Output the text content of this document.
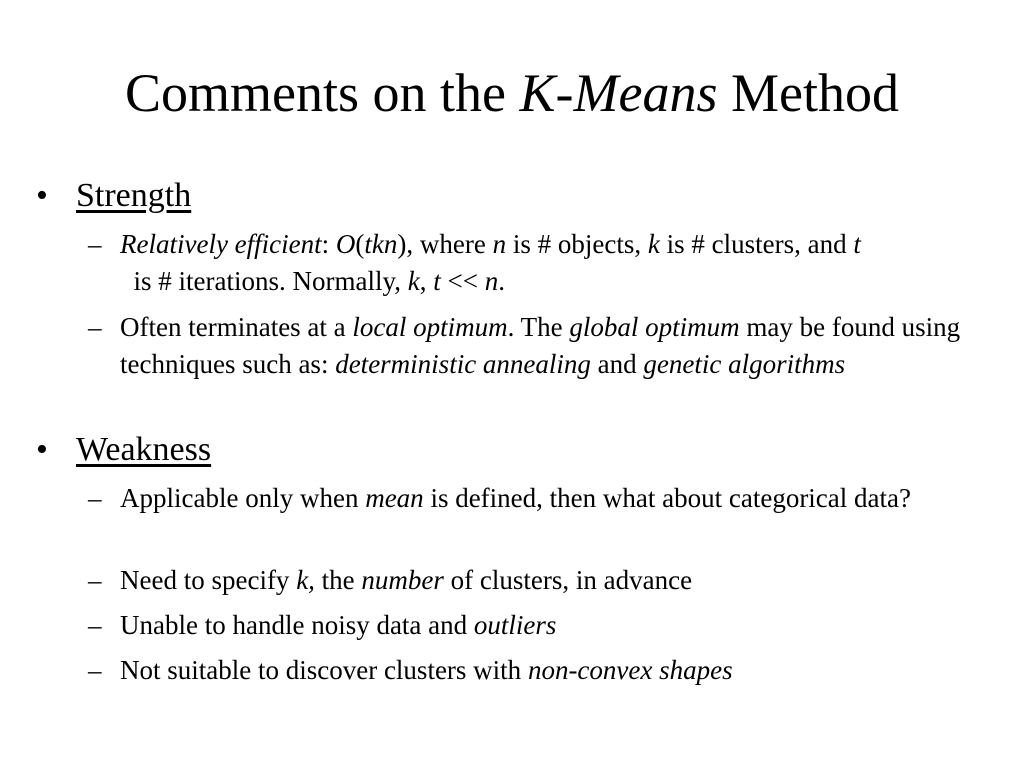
Comments on the K-Means Method
• Strength
– Relatively efficient: O(tkn), where n is # objects, k is # clusters, and t  is # iterations. Normally, k, t << n.
– Often terminates at a local optimum. The global optimum may be found using techniques such as: deterministic annealing and genetic algorithms
• Weakness
– Applicable only when mean is defined, then what about categorical data?
– Need to specify k, the number of clusters, in advance
– Unable to handle noisy data and outliers
– Not suitable to discover clusters with non-convex shapes
